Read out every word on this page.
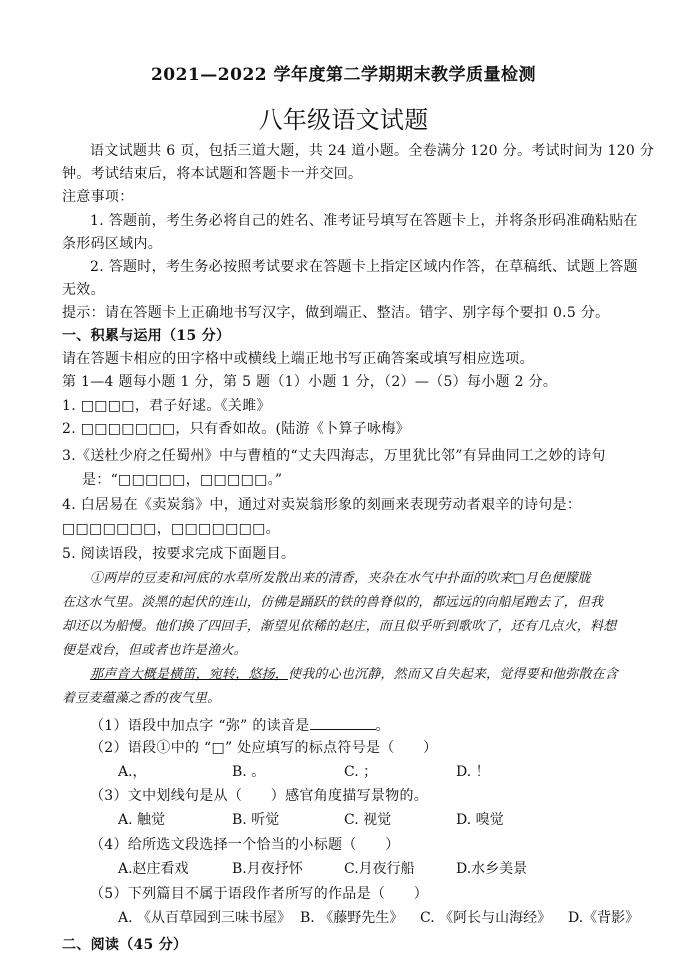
2021—2022 学年度第二学期期末教学质量检测
八年级语文试题
语文试题共 6 页，包括三道大题，共 24 道小题。全卷满分 120 分。考试时间为 120 分
钟。考试结束后，将本试题和答题卡一并交回。
注意事项：
1. 答题前，考生务必将自己的姓名、准考证号填写在答题卡上，并将条形码准确粘贴在
条形码区域内。
2. 答题时，考生务必按照考试要求在答题卡上指定区域内作答，在草稿纸、试题上答题
无效。
提示：请在答题卡上正确地书写汉字，做到端正、整洁。错字、别字每个要扣 0.5 分。
一、积累与运用（15 分）
请在答题卡相应的田字格中或横线上端正地书写正确答案或填写相应选项。
第 1—4 题每小题 1 分，第 5 题（1）小题 1 分，（2）—（5）每小题 2 分。
1. □□□□，君子好逑。《关雎》
2. □□□□□□□，只有香如故。(陆游《卜算子咏梅》
3.《送杜少府之任蜀州》中与曹植的“丈夫四海志，万里犹比邻”有异曲同工之妙的诗句
是：“□□□□□，□□□□□。”
4. 白居易在《卖炭翁》中，通过对卖炭翁形象的刻画来表现劳动者艰辛的诗句是：
□□□□□□□，□□□□□□□。
5. 阅读语段，按要求完成下面题目。
①两岸的豆麦和河底的水草所发散出来的清香，夹杂在水气中扑面的吹来□月色便朦胧
在这水气里。淡黑的起伏的连山，仿佛是踊跃的铁的兽脊似的，都远远的向船尾跑去了，但我
却还以为船慢。他们换了四回手，渐望见依稀的赵庄，而且似乎听到歌吹了，还有几点火，料想
便是戏台，但或者也许是渔火。
那声音大概是横笛，宛转，悠扬，使我的心也沉静，然而又自失起来，觉得要和他弥散在含
着豆麦蕴藻之香的夜气里。
（1）语段中加点字 “弥” 的读音是	。
（2）语段①中的 “□” 处应填写的标点符号是（　　）
A.，	B. 。	C. ；	D. ！
（3）文中划线句是从（　　）感官角度描写景物的。
A. 触觉	B. 听觉	C. 视觉	D. 嗅觉
（4）给所选文段选择一个恰当的小标题（　　）
A.赵庄看戏	B.月夜抒怀	C.月夜行船	D.水乡美景
（5）下列篇目不属于语段作者所写的作品是（　　）
A. 《从百草园到三味书屋》 B. 《藤野先生》 C. 《阿长与山海经》 D.《背影》
二、阅读（45 分）
